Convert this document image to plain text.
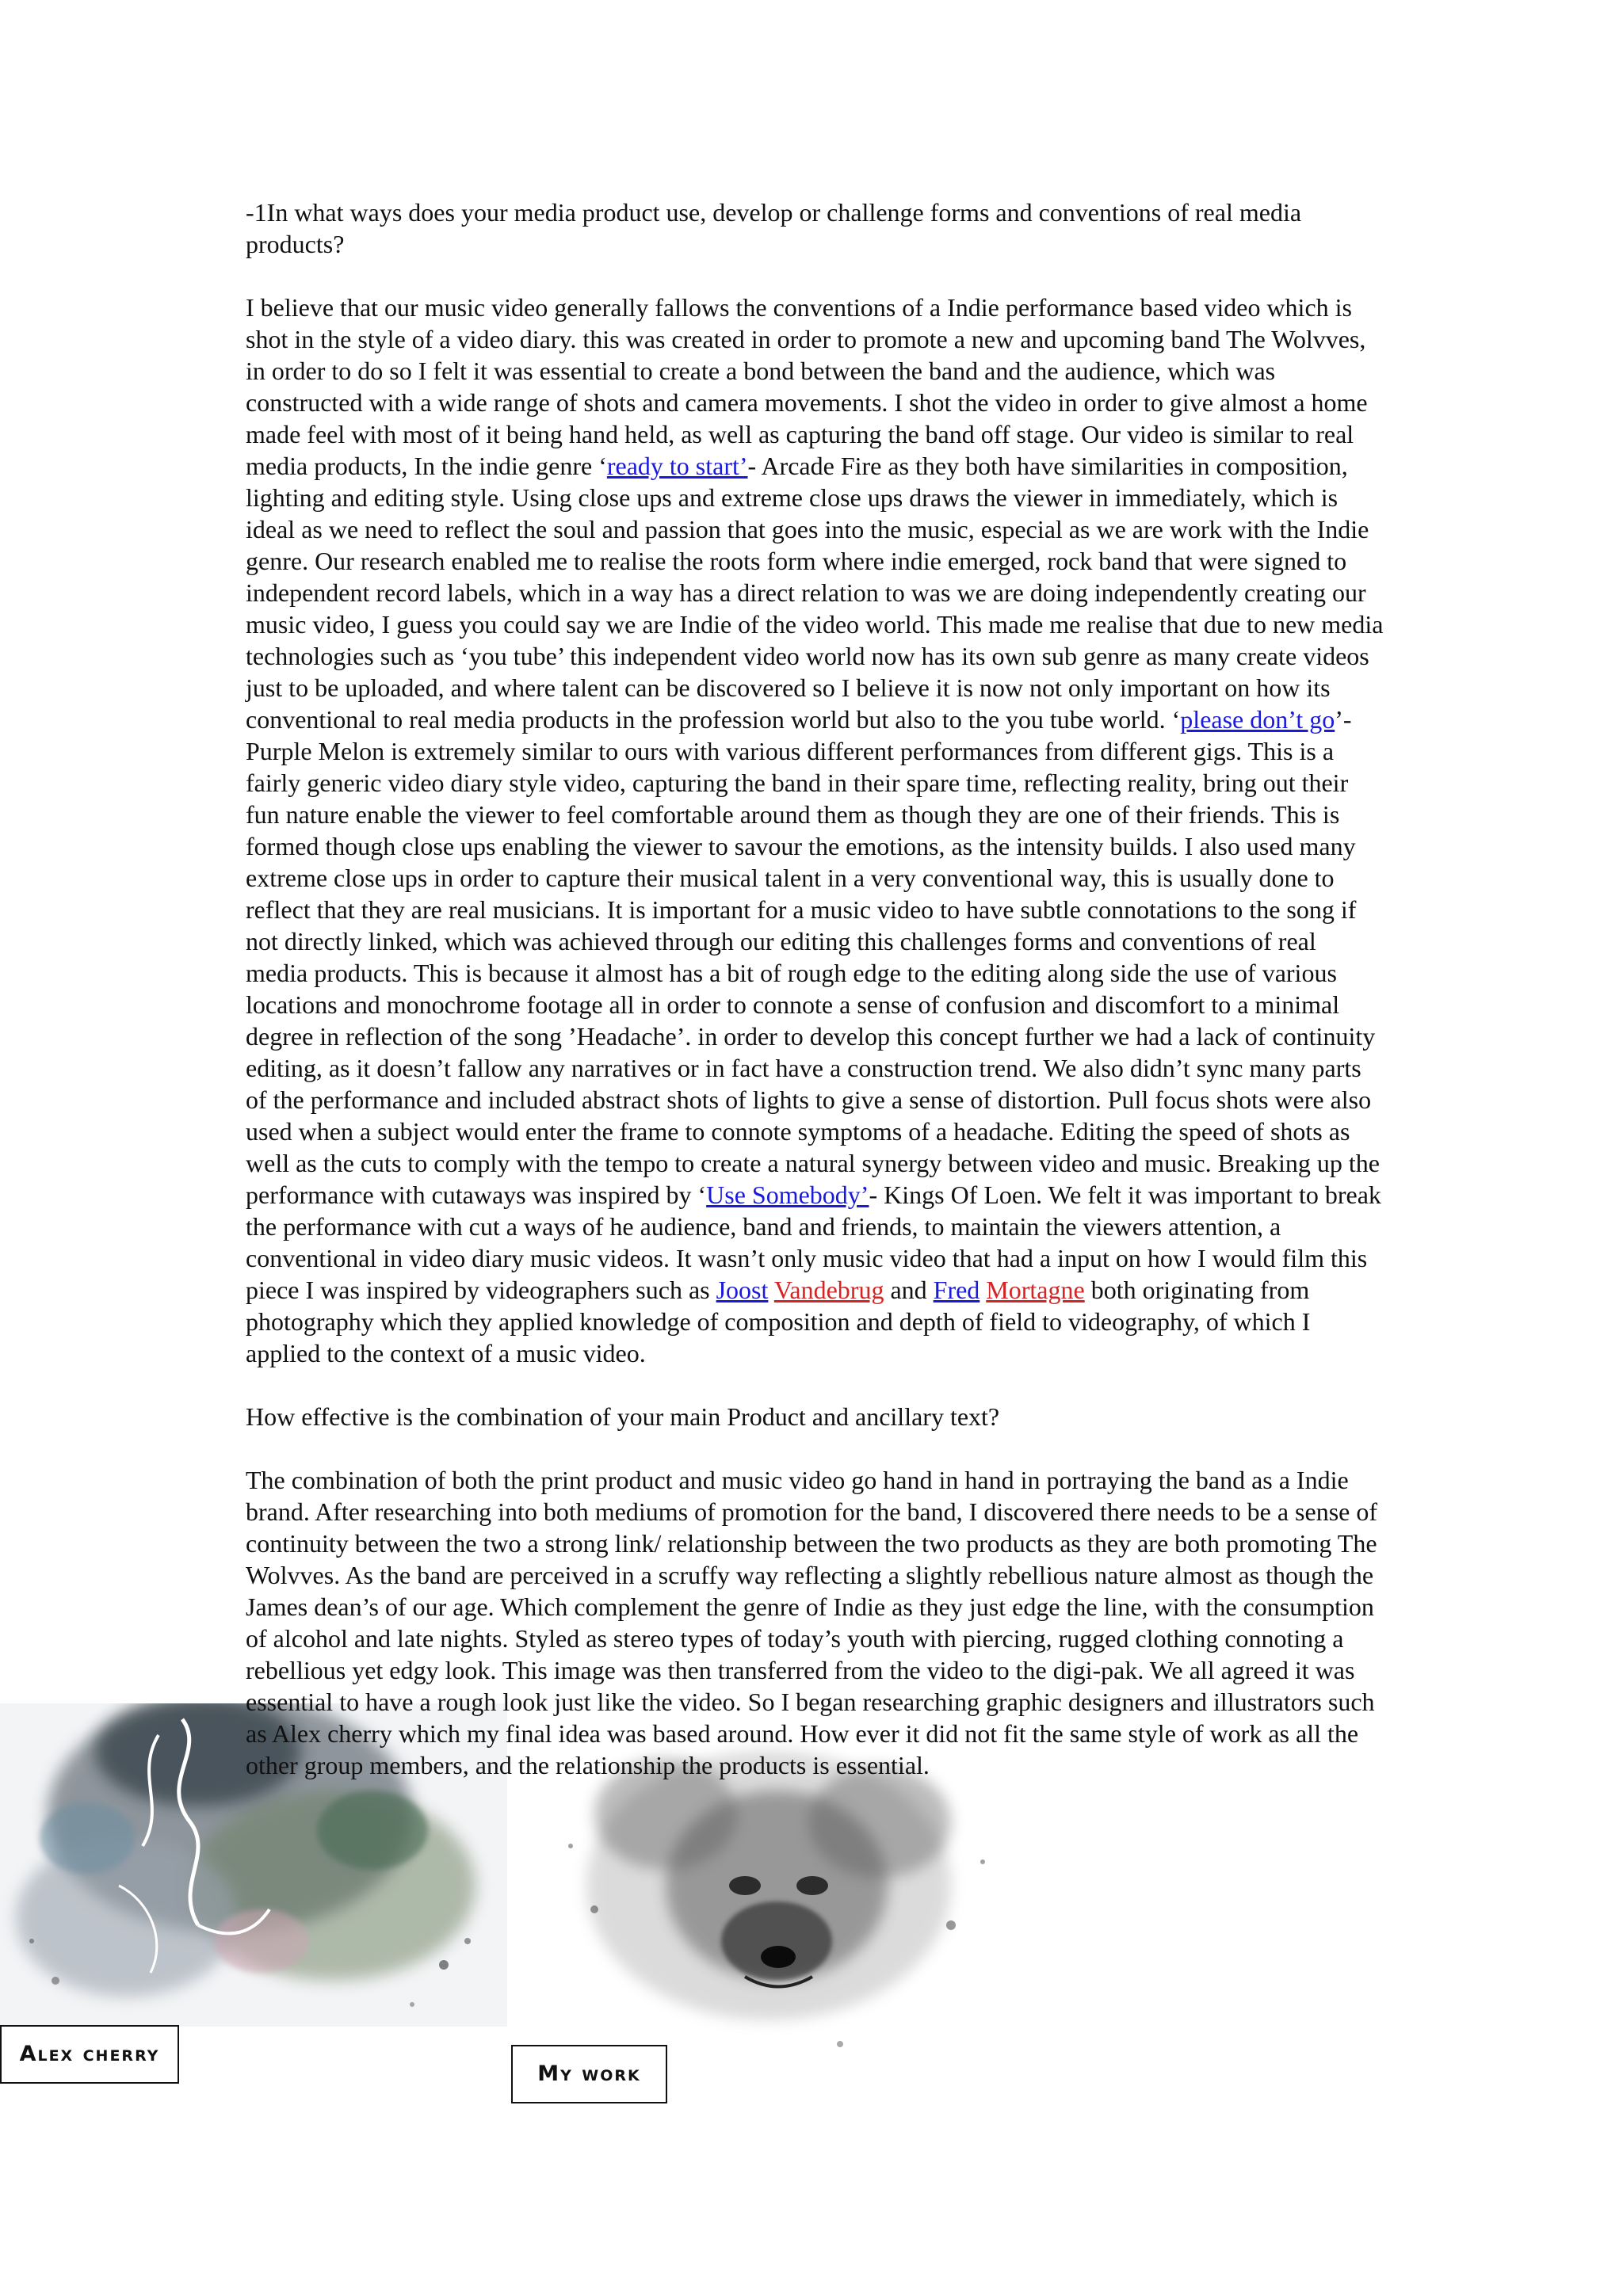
-1In what ways does your media product use, develop or challenge forms and conventions of real media products?

I believe that our music video generally fallows the conventions of a Indie performance based video which is shot in the style of a video diary. this was created in order to promote a new and upcoming band The Wolvves, in order to do so I felt it was essential to create a bond between the band and the audience, which was constructed with a wide range of shots and camera movements. I shot the video in order to give almost a home made feel with most of it being hand held, as well as capturing the band off stage. Our video is similar to real media products, In the indie genre ‘ready to start’- Arcade Fire as they both have similarities in composition, lighting and editing style. Using close ups and extreme close ups draws the viewer in immediately, which is ideal as we need to reflect the soul and passion that goes into the music, especial as we are work with the Indie genre. Our research enabled me to realise the roots form where indie emerged, rock band that were signed to independent record labels, which in a way has a direct relation to was we are doing independently creating our music video, I guess you could say we are Indie of the video world. This made me realise that due to new media technologies such as ‘you tube’ this independent video world now has its own sub genre as many create videos just to be uploaded, and where talent can be discovered so I believe it is now not only important on how its conventional to real media products in the profession world but also to the you tube world. ‘please don’t go’- Purple Melon is extremely similar to ours with various different performances from different gigs. This is a fairly generic video diary style video, capturing the band in their spare time, reflecting reality, bring out their fun nature enable the viewer to feel comfortable around them as though they are one of their friends. This is formed though close ups enabling the viewer to savour the emotions, as the intensity builds. I also used many extreme close ups in order to capture their musical talent in a very conventional way, this is usually done to reflect that they are real musicians. It is important for a music video to have subtle connotations to the song if not directly linked, which was achieved through our editing this challenges forms and conventions of real media products. This is because it almost has a bit of rough edge to the editing along side the use of various locations and monochrome footage all in order to connote a sense of confusion and discomfort to a minimal degree in reflection of the song ’Headache’. in order to develop this concept further we had a lack of continuity editing, as it doesn’t fallow any narratives or in fact have a construction trend. We also didn’t sync many parts of the performance and included abstract shots of lights to give a sense of distortion. Pull focus shots were also used when a subject would enter the frame to connote symptoms of a headache. Editing the speed of shots as well as the cuts to comply with the tempo to create a natural synergy between video and music. Breaking up the performance with cutaways was inspired by ‘Use Somebody’- Kings Of Loen. We felt it was important to break the performance with cut a ways of he audience, band and friends, to maintain the viewers attention, a conventional in video diary music videos. It wasn’t only music video that had a input on how I would film this piece I was inspired by videographers such as Joost Vandebrug and Fred Mortagne both originating from photography which they applied knowledge of composition and depth of field to videography, of which I applied to the context of a music video.

How effective is the combination of your main Product and ancillary text?

The combination of both the print product and music video go hand in hand in portraying the band as a Indie brand. After researching into both mediums of promotion for the band, I discovered there needs to be a sense of continuity between the two a strong link/ relationship between the two products as they are both promoting The Wolvves. As the band are perceived in a scruffy way reflecting a slightly rebellious nature almost as though the James dean’s of our age. Which complement the genre of Indie as they just edge the line, with the consumption of alcohol and late nights. Styled as stereo types of today’s youth with piercing, rugged clothing connoting a rebellious yet edgy look. This image was then transferred from the video to the digi-pak. We all agreed it was essential to have a rough look just like the video. So I began researching graphic designers and illustrators such as Alex cherry which my final idea was based around. How ever it did not fit the same style of work as all the other group members, and the relationship the products is essential.

Alex cherry
My work
